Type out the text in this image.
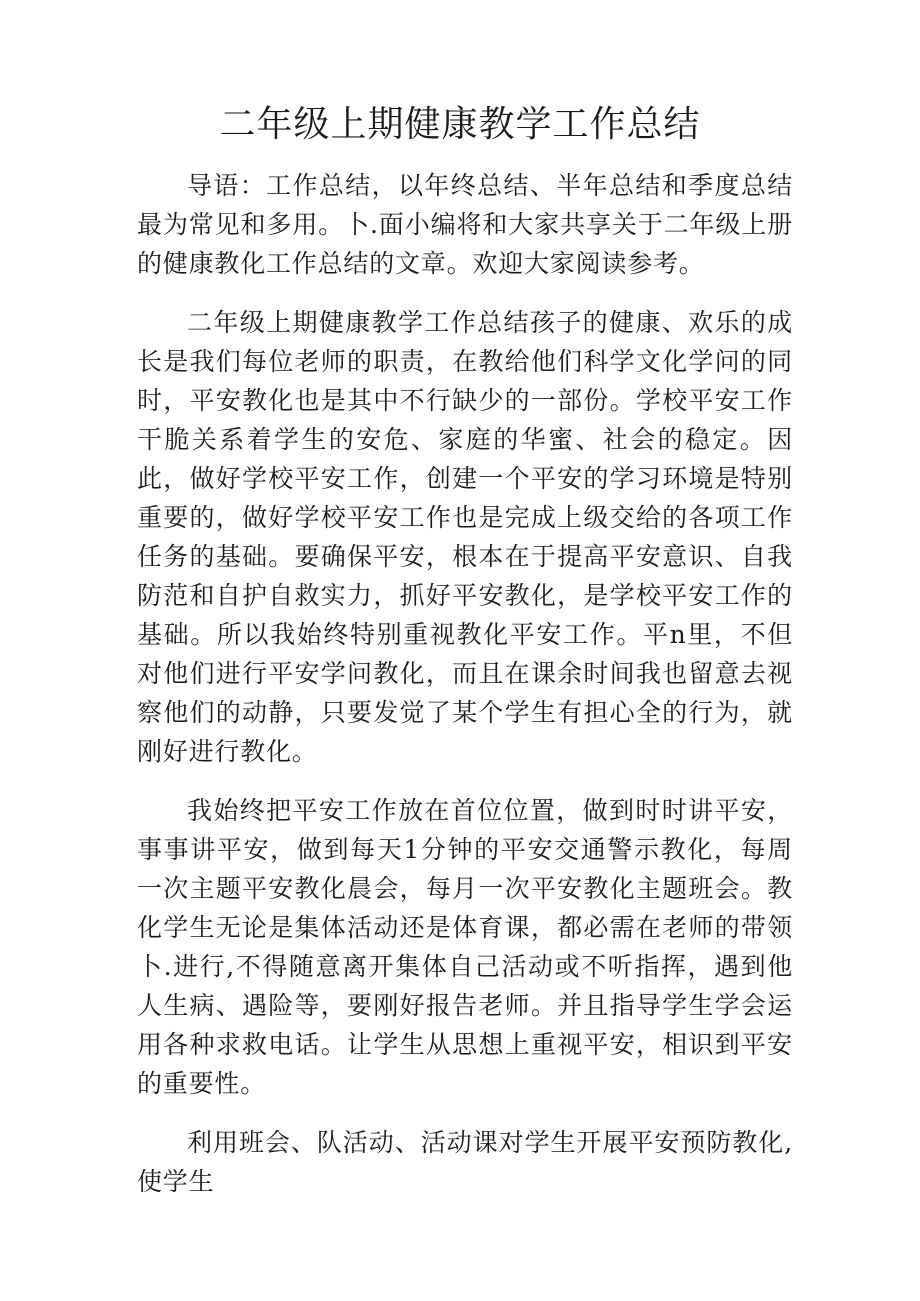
二年级上期健康教学工作总结

导语：工作总结，以年终总结、半年总结和季度总结最为常见和多用。卜.面小编将和大家共享关于二年级上册的健康教化工作总结的文章。欢迎大家阅读参考。

二年级上期健康教学工作总结孩子的健康、欢乐的成长是我们每位老师的职责，在教给他们科学文化学问的同时，平安教化也是其中不行缺少的一部份。学校平安工作干脆关系着学生的安危、家庭的华蜜、社会的稳定。因此，做好学校平安工作，创建一个平安的学习环境是特别重要的，做好学校平安工作也是完成上级交给的各项工作任务的基础。要确保平安，根本在于提高平安意识、自我防范和自护自救实力，抓好平安教化，是学校平安工作的基础。所以我始终特别重视教化平安工作。平n里，不但对他们进行平安学问教化，而且在课余时间我也留意去视察他们的动静，只要发觉了某个学生有担心全的行为，就刚好进行教化。

我始终把平安工作放在首位位置，做到时时讲平安，事事讲平安，做到每天1分钟的平安交通警示教化，每周一次主题平安教化晨会，每月一次平安教化主题班会。教化学生无论是集体活动还是体育课，都必需在老师的带领卜.进行,不得随意离开集体自己活动或不听指挥，遇到他人生病、遇险等，要刚好报告老师。并且指导学生学会运用各种求救电话。让学生从思想上重视平安，相识到平安的重要性。

利用班会、队活动、活动课对学生开展平安预防教化,使学生
